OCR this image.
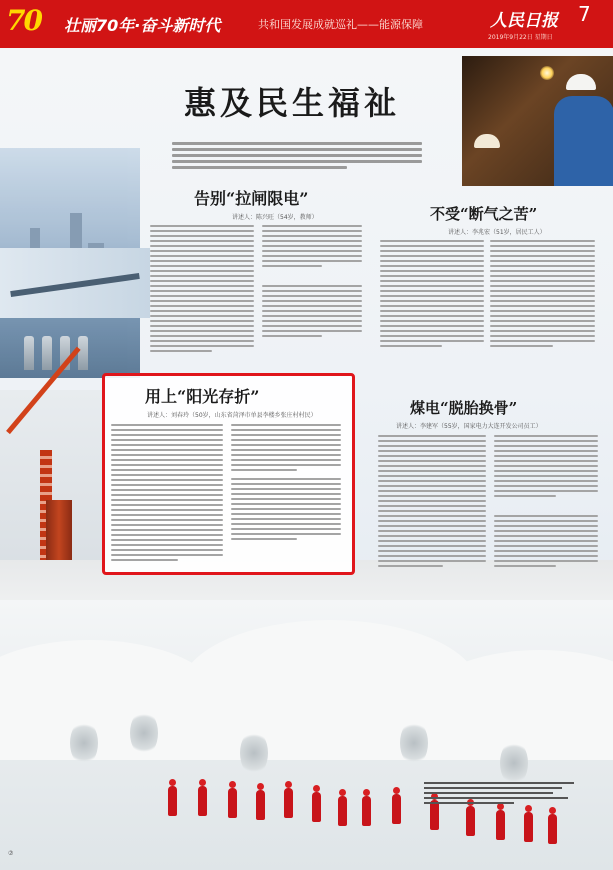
70 壮丽70年·奋斗新时代	共和国发展成就巡礼——能源保障	人民日报 7
2019年9月22日 星期日
惠及民生福祉
告别“拉闸限电”
讲述人：陈兴旺（54岁，教师）	不受“断气之苦”
讲述人：李兆宏（51岁，居民工人）
用上“阳光存折”
讲述人：刘春玲（50岁，山东省菏泽市单县李楼乡张庄村村民）	煤电“脱胎换骨”
讲述人：李建军（55岁，国家电力大连开发公司员工）
⑦
